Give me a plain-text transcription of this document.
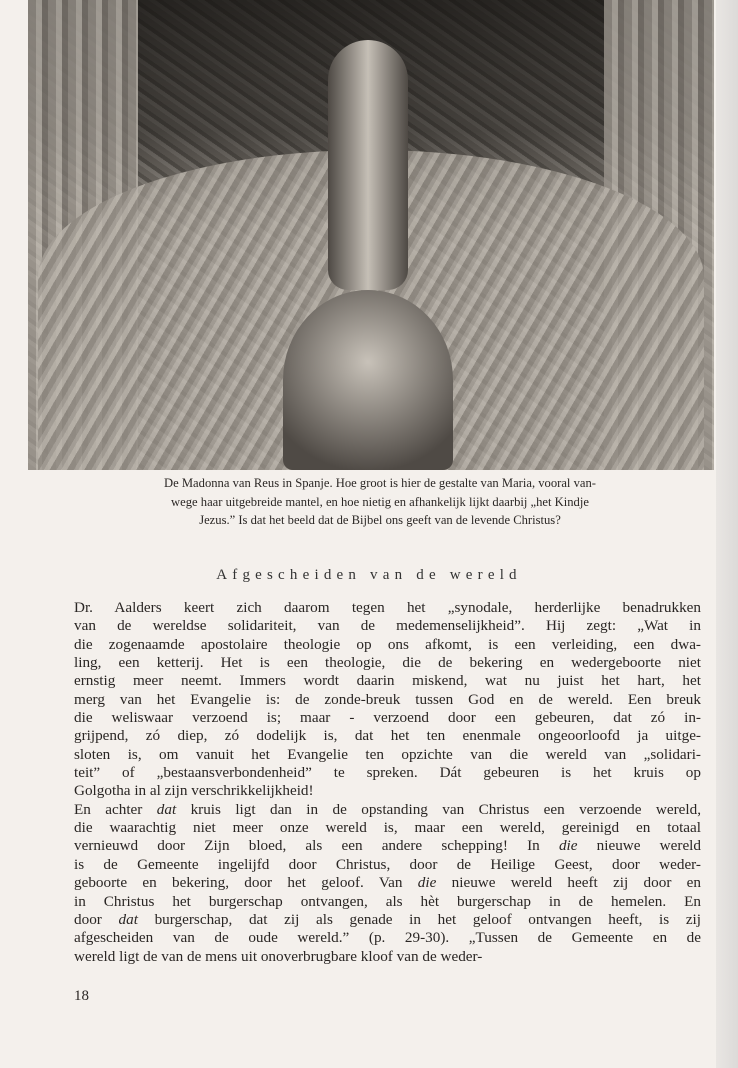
De Madonna van Reus in Spanje. Hoe groot is hier de gestalte van Maria, vooral van-
wege haar uitgebreide mantel, en hoe nietig en afhankelijk lijkt daarbij „het Kindje
Jezus.” Is dat het beeld dat de Bijbel ons geeft van de levende Christus?
Afgescheiden van de wereld
Dr. Aalders keert zich daarom tegen het „synodale, herderlijke benadrukken
van de wereldse solidariteit, van de medemenselijkheid”. Hij zegt: „Wat in
die zogenaamde apostolaire theologie op ons afkomt, is een verleiding, een dwa-
ling, een ketterij. Het is een theologie, die de bekering en wedergeboorte niet
ernstig meer neemt. Immers wordt daarin miskend, wat nu juist het hart, het
merg van het Evangelie is: de zonde-breuk tussen God en de wereld. Een breuk
die weliswaar verzoend is; maar - verzoend door een gebeuren, dat zó in-
grijpend, zó diep, zó dodelijk is, dat het ten enenmale ongeoorloofd ja uitge-
sloten is, om vanuit het Evangelie ten opzichte van die wereld van „solidari-
teit” of „bestaansverbondenheid” te spreken. Dát gebeuren is het kruis op
Golgotha in al zijn verschrikkelijkheid!
En achter dat kruis ligt dan in de opstanding van Christus een verzoende wereld,
die waarachtig niet meer onze wereld is, maar een wereld, gereinigd en totaal
vernieuwd door Zijn bloed, als een andere schepping! In die nieuwe wereld
is de Gemeente ingelijfd door Christus, door de Heilige Geest, door weder-
geboorte en bekering, door het geloof. Van die nieuwe wereld heeft zij door en
in Christus het burgerschap ontvangen, als hèt burgerschap in de hemelen. En
door dat burgerschap, dat zij als genade in het geloof ontvangen heeft, is zij
afgescheiden van de oude wereld.” (p. 29-30). „Tussen de Gemeente en de
wereld ligt de van de mens uit onoverbrugbare kloof van de weder-
18
